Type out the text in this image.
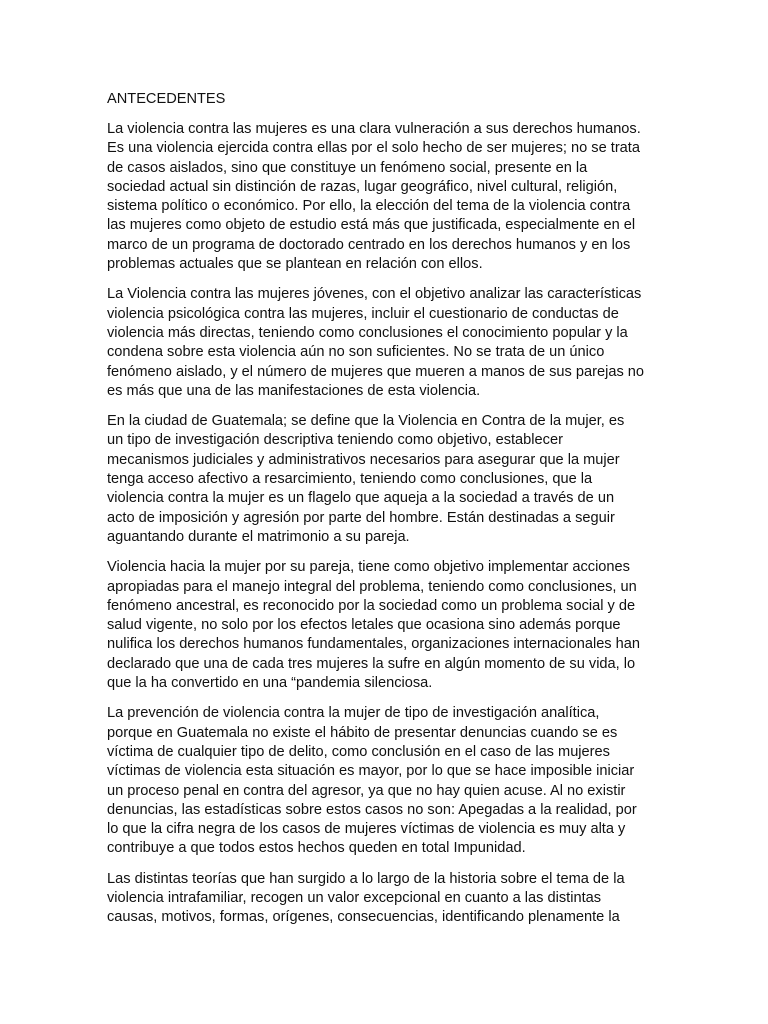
ANTECEDENTES

La violencia contra las mujeres es una clara vulneración a sus derechos humanos.
Es una violencia ejercida contra ellas por el solo hecho de ser mujeres; no se trata
de casos aislados, sino que constituye un fenómeno social, presente en la
sociedad actual sin distinción de razas, lugar geográfico, nivel cultural, religión,
sistema político o económico. Por ello, la elección del tema de la violencia contra
las mujeres como objeto de estudio está más que justificada, especialmente en el
marco de un programa de doctorado centrado en los derechos humanos y en los
problemas actuales que se plantean en relación con ellos.

La Violencia contra las mujeres jóvenes, con el objetivo analizar las características
violencia psicológica contra las mujeres, incluir el cuestionario de conductas de
violencia más directas, teniendo como conclusiones el conocimiento popular y la
condena sobre esta violencia aún no son suficientes. No se trata de un único
fenómeno aislado, y el número de mujeres que mueren a manos de sus parejas no
es más que una de las manifestaciones de esta violencia.

En la ciudad de Guatemala; se define que la Violencia en Contra de la mujer, es
un tipo de investigación descriptiva teniendo como objetivo, establecer
mecanismos judiciales y administrativos necesarios para asegurar que la mujer
tenga acceso afectivo a resarcimiento, teniendo como conclusiones, que la
violencia contra la mujer es un flagelo que aqueja a la sociedad a través de un
acto de imposición y agresión por parte del hombre. Están destinadas a seguir
aguantando durante el matrimonio a su pareja.

Violencia hacia la mujer por su pareja, tiene como objetivo implementar acciones
apropiadas para el manejo integral del problema, teniendo como conclusiones, un
fenómeno ancestral, es reconocido por la sociedad como un problema social y de
salud vigente, no solo por los efectos letales que ocasiona sino además porque
nulifica los derechos humanos fundamentales, organizaciones internacionales han
declarado que una de cada tres mujeres la sufre en algún momento de su vida, lo
que la ha convertido en una “pandemia silenciosa.

La prevención de violencia contra la mujer de tipo de investigación analítica,
porque en Guatemala no existe el hábito de presentar denuncias cuando se es
víctima de cualquier tipo de delito, como conclusión en el caso de las mujeres
víctimas de violencia esta situación es mayor, por lo que se hace imposible iniciar
un proceso penal en contra del agresor, ya que no hay quien acuse. Al no existir
denuncias, las estadísticas sobre estos casos no son: Apegadas a la realidad, por
lo que la cifra negra de los casos de mujeres víctimas de violencia es muy alta y
contribuye a que todos estos hechos queden en total Impunidad.

Las distintas teorías que han surgido a lo largo de la historia sobre el tema de la
violencia intrafamiliar, recogen un valor excepcional en cuanto a las distintas
causas, motivos, formas, orígenes, consecuencias, identificando plenamente la
